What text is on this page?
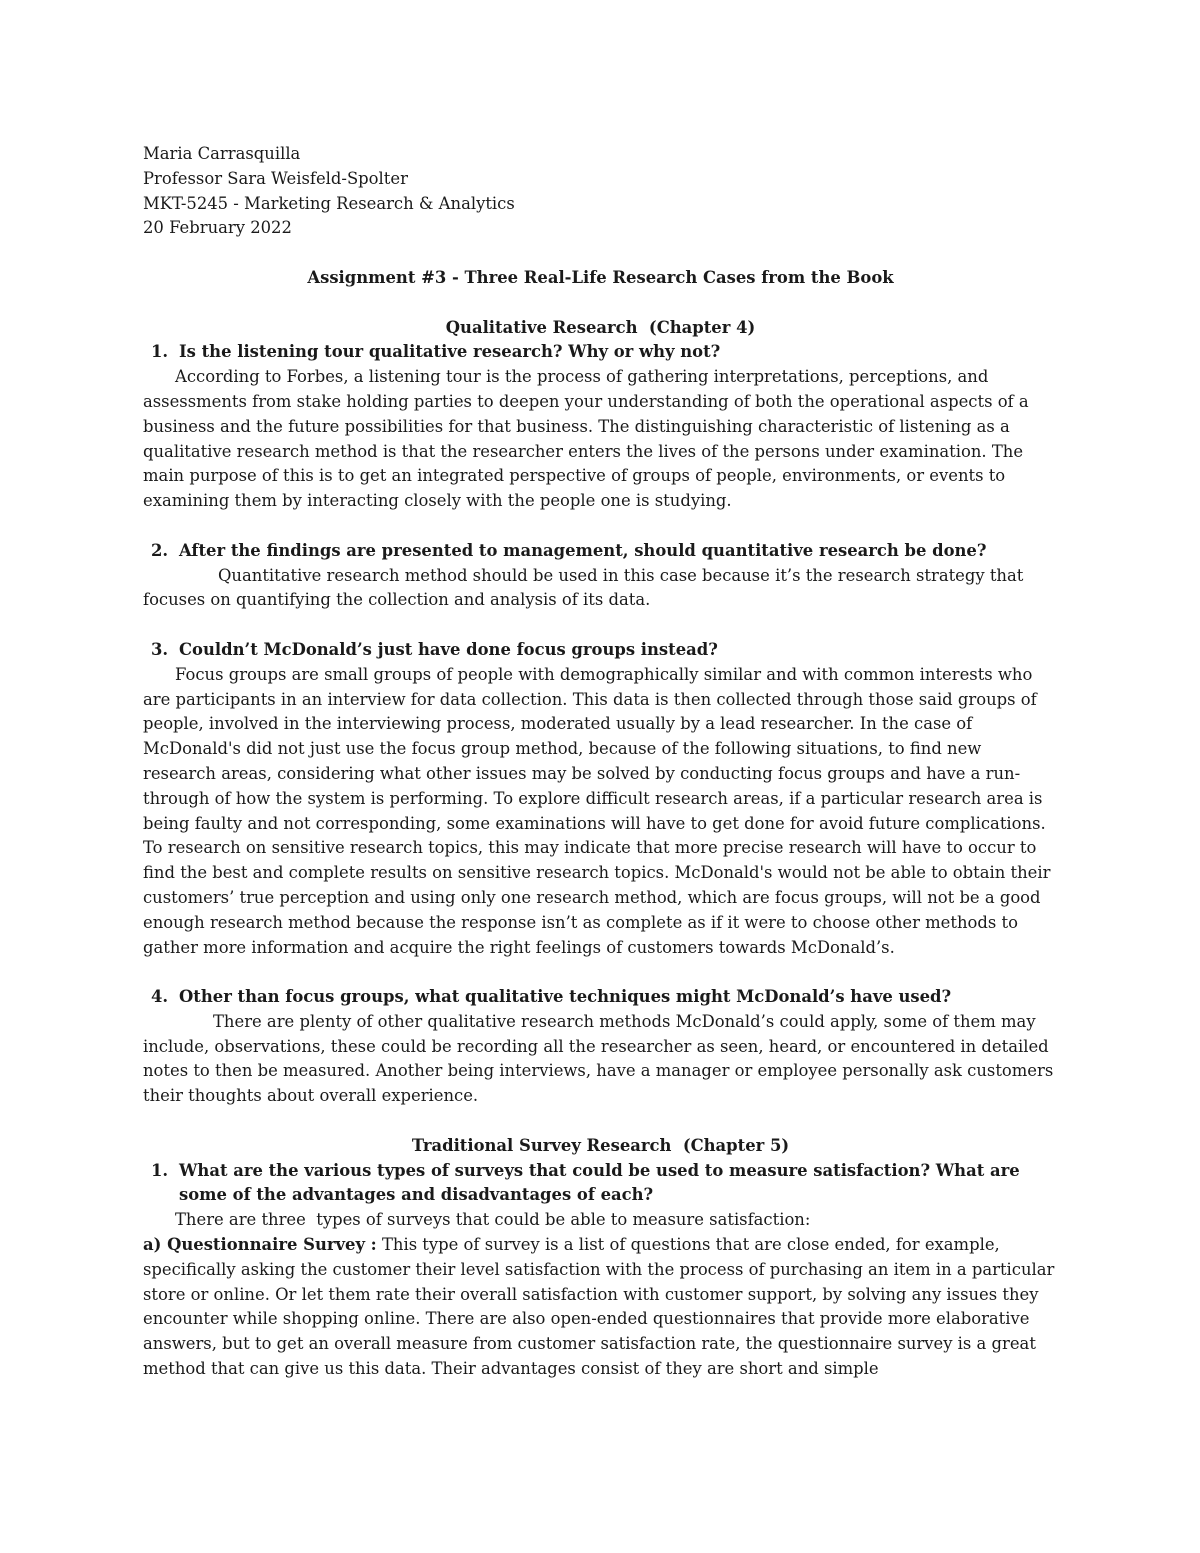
Maria Carrasquilla
Professor Sara Weisfeld-Spolter
MKT-5245 - Marketing Research & Analytics
20 February 2022
Assignment #3 - Three Real-Life Research Cases from the Book
Qualitative Research  (Chapter 4)
1. Is the listening tour qualitative research? Why or why not?
According to Forbes, a listening tour is the process of gathering interpretations, perceptions, and assessments from stake holding parties to deepen your understanding of both the operational aspects of a business and the future possibilities for that business. The distinguishing characteristic of listening as a qualitative research method is that the researcher enters the lives of the persons under examination. The main purpose of this is to get an integrated perspective of groups of people, environments, or events to examining them by interacting closely with the people one is studying.
2. After the findings are presented to management, should quantitative research be done?
Quantitative research method should be used in this case because it’s the research strategy that focuses on quantifying the collection and analysis of its data.
3. Couldn’t McDonald’s just have done focus groups instead?
Focus groups are small groups of people with demographically similar and with common interests who are participants in an interview for data collection. This data is then collected through those said groups of people, involved in the interviewing process, moderated usually by a lead researcher. In the case of McDonald's did not just use the focus group method, because of the following situations, to find new research areas, considering what other issues may be solved by conducting focus groups and have a run-through of how the system is performing. To explore difficult research areas, if a particular research area is being faulty and not corresponding, some examinations will have to get done for avoid future complications. To research on sensitive research topics, this may indicate that more precise research will have to occur to find the best and complete results on sensitive research topics. McDonald's would not be able to obtain their customers’ true perception and using only one research method, which are focus groups, will not be a good enough research method because the response isn’t as complete as if it were to choose other methods to gather more information and acquire the right feelings of customers towards McDonald’s.
4. Other than focus groups, what qualitative techniques might McDonald’s have used?
There are plenty of other qualitative research methods McDonald’s could apply, some of them may include, observations, these could be recording all the researcher as seen, heard, or encountered in detailed notes to then be measured. Another being interviews, have a manager or employee personally ask customers their thoughts about overall experience.
Traditional Survey Research  (Chapter 5)
1. What are the various types of surveys that could be used to measure satisfaction? What are
some of the advantages and disadvantages of each?
There are three  types of surveys that could be able to measure satisfaction:
a) Questionnaire Survey : This type of survey is a list of questions that are close ended, for example, specifically asking the customer their level satisfaction with the process of purchasing an item in a particular store or online. Or let them rate their overall satisfaction with customer support, by solving any issues they encounter while shopping online. There are also open-ended questionnaires that provide more elaborative answers, but to get an overall measure from customer satisfaction rate, the questionnaire survey is a great method that can give us this data. Their advantages consist of they are short and simple
